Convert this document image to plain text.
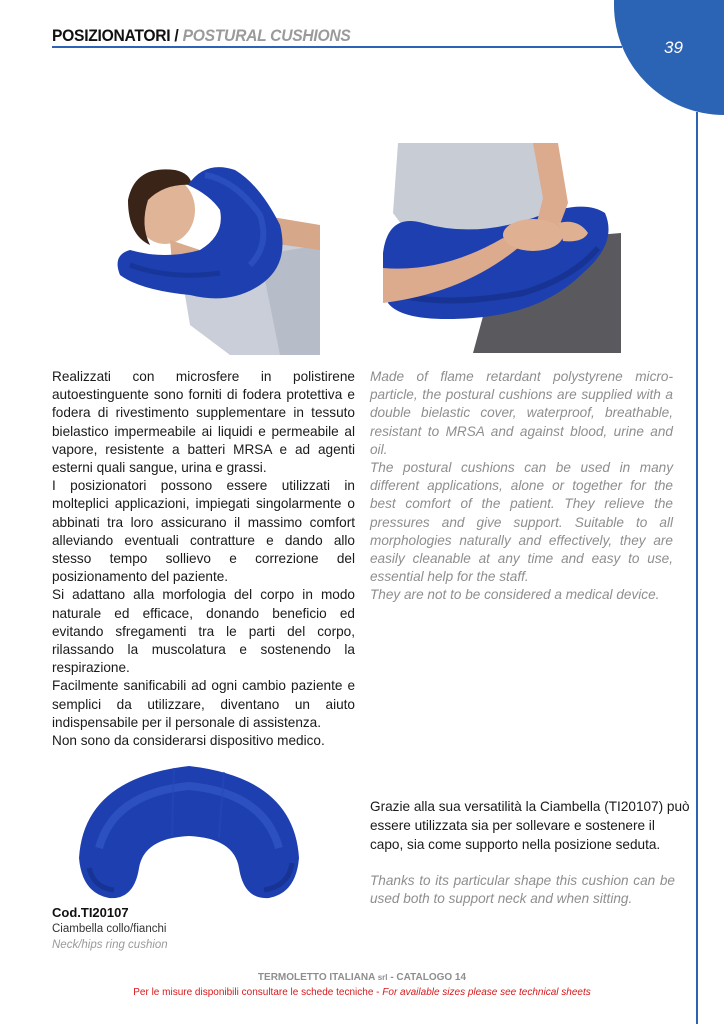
39
POSIZIONATORI / POSTURAL CUSHIONS

Realizzati con microsfere in polistirene autoestinguente sono forniti di fodera protettiva e fodera di rivestimento supplementare in tessuto bielastico impermeabile ai liquidi e permeabile al vapore, resistente a batteri MRSA e ad agenti esterni quali sangue, urina e grassi.

I posizionatori possono essere utilizzati in molteplici applicazioni, impiegati singolarmente o abbinati tra loro assicurano il massimo comfort alleviando eventuali contratture e dando allo stesso tempo sollievo e correzione del posizionamento del paziente.

Si adattano alla morfologia del corpo in modo naturale ed efficace, donando beneficio ed evitando sfregamenti tra le parti del corpo, rilassando la muscolatura e sostenendo la respirazione.

Facilmente sanificabili ad ogni cambio paziente e semplici da utilizzare, diventano un aiuto indispensabile per il personale di assistenza.

Non sono da considerarsi dispositivo medico.

Made of flame retardant polystyrene micro-particle, the postural cushions are supplied with a double bielastic cover, waterproof, breathable, resistant to MRSA and against blood, urine and oil.

The postural cushions can be used in many different applications, alone or together for the best comfort of the patient. They relieve the pressures and give support. Suitable to all morphologies naturally and effectively, they are easily cleanable at any time and easy to use, essential help for the staff.

They are not to be considered a medical device.

Grazie alla sua versatilità la Ciambella (TI20107) può essere utilizzata sia per sollevare e sostenere il capo, sia come supporto nella posizione seduta.
Thanks to its particular shape this cushion can be used both to support neck and when sitting.
Cod.TI20107
Ciambella collo/fianchi
Neck/hips ring cushion
TERMOLETTO ITALIANA srl - CATALOGO 14
Per le misure disponibili consultare le schede tecniche - For available sizes please see technical sheets
